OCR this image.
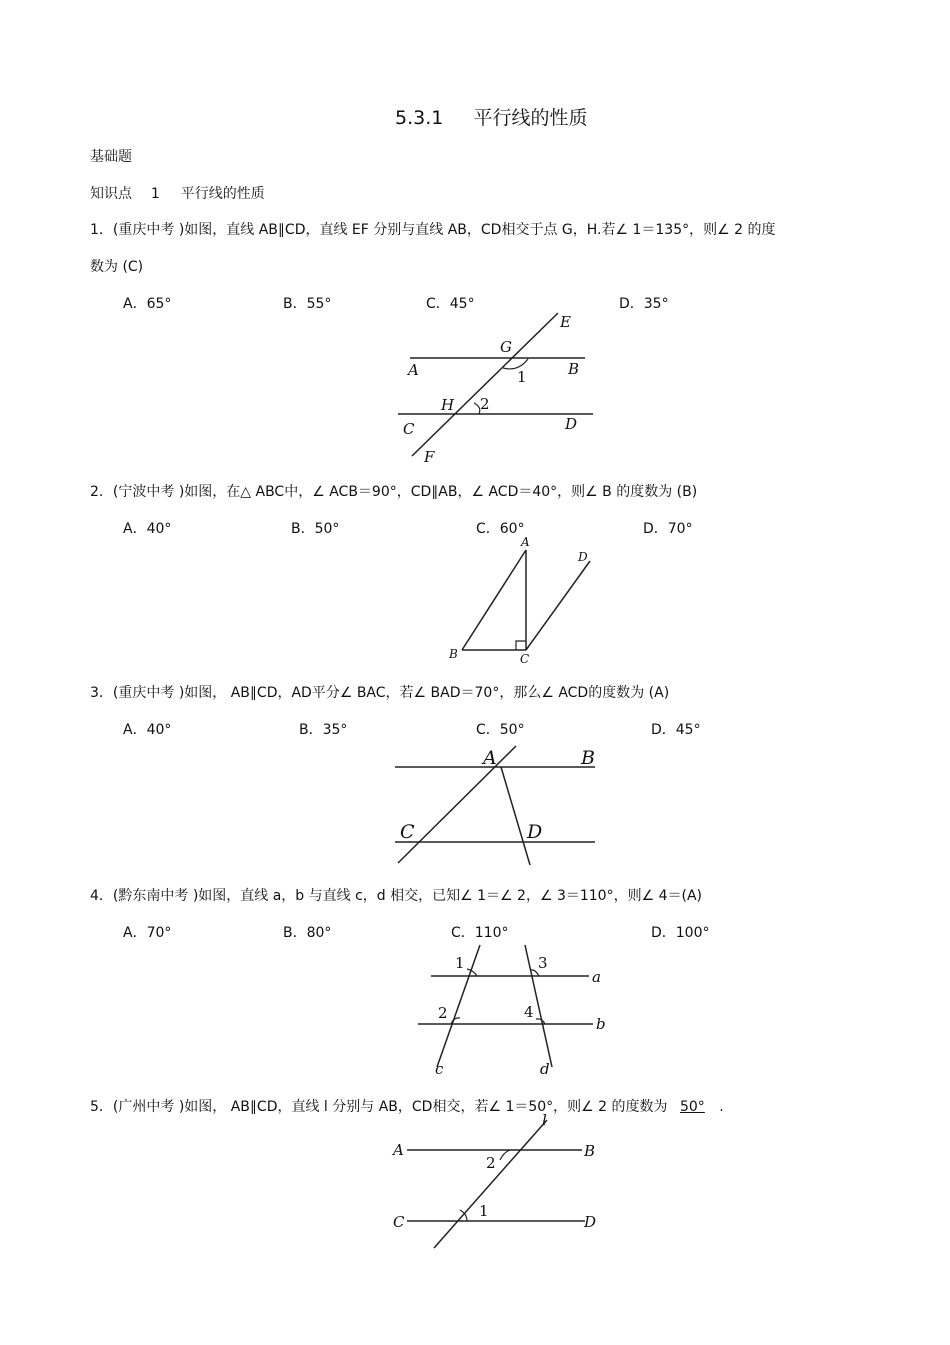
5.3.1 平行线的性质
基础题
知识点 1 平行线的性质
1．(重庆中考 )如图，直线 AB∥CD，直线 EF 分别与直线 AB，CD相交于点 G，H.若∠ 1＝135°，则∠ 2 的度
数为 (C)
A．65°	B．55°	C．45°	D．35°
E
G
A	1	B
H 2
C	D
F
2．(宁波中考 )如图，在△ ABC中，∠ ACB＝90°，CD∥AB，∠ ACD＝40°，则∠ B 的度数为 (B)
A．40°	B．50°	C．60°	D．70°
A
D
B	C
3．(重庆中考 )如图， AB∥CD，AD平分∠ BAC，若∠ BAD＝70°，那么∠ ACD的度数为 (A)
A．40°	B．35°	C．50°	D．45°
A	B
C	D
4．(黔东南中考 )如图，直线 a，b 与直线 c，d 相交，已知∠ 1＝∠ 2，∠ 3＝110°，则∠ 4＝(A)
A．70°	B．80°	C．110°	D．100°
1	3
a
2	4
b
c	d
5．(广州中考 )如图， AB∥CD，直线 l 分别与 AB，CD相交，若∠ 1＝50°，则∠ 2 的度数为 50° .
l
A	B
2
C
1
D
